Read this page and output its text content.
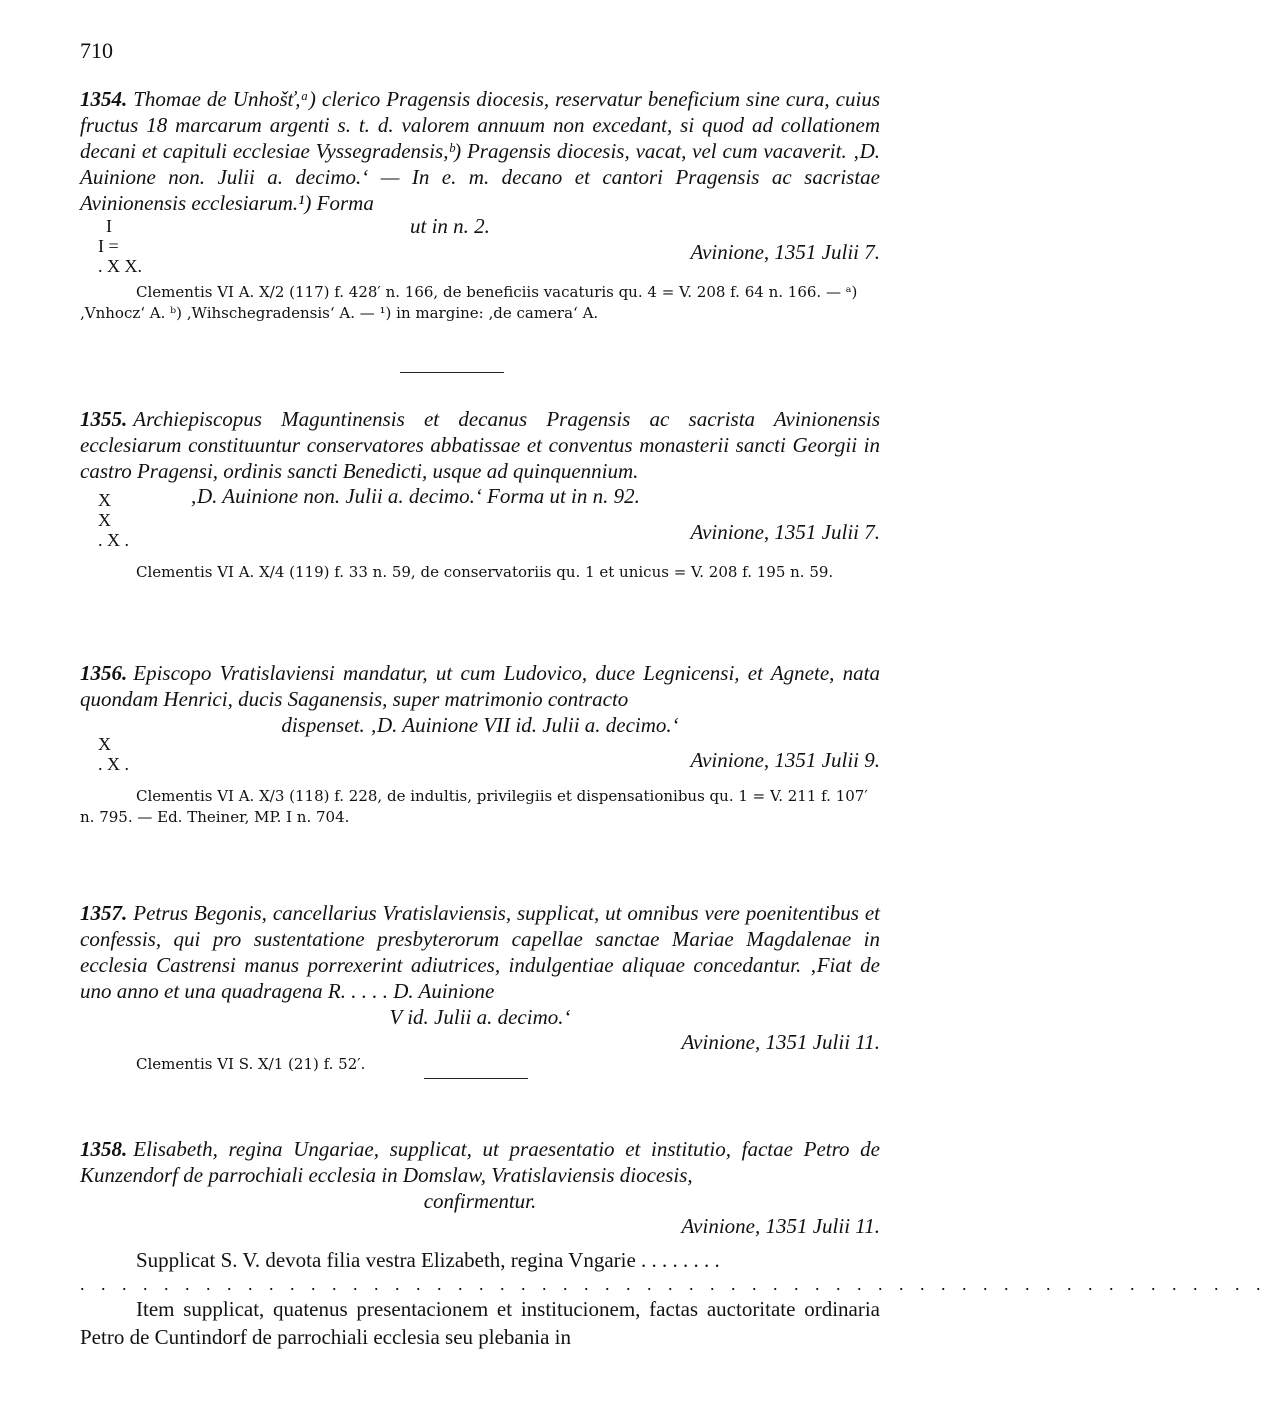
710

1354. Thomae de Unhošť,ᵃ) clerico Pragensis diocesis, reservatur beneficium sine cura, cuius fructus 18 marcarum argenti s. t. d. valorem annuum non excedant, si quod ad collationem decani et capituli ecclesiae Vyssegradensis,ᵇ) Pragensis diocesis, vacat, vel cum vacaverit. ‚D. Auinione non. Julii a. decimo.‘ — In e. m. decano et cantori Pragensis ac sacristae Avinionensis ecclesiarum.¹) Forma

I
I =
. X X.
ut in n. 2.
Avinione, 1351 Julii 7.

Clementis VI A. X/2 (117) f. 428′ n. 166, de beneficiis vacaturis qu. 4 = V. 208 f. 64 n. 166. — ᵃ) ‚Vnhocz‘ A. ᵇ) ‚Wihschegradensis‘ A. — ¹) in margine: ‚de camera‘ A.

1355. Archiepiscopus Maguntinensis et decanus Pragensis ac sacrista Avinionensis ecclesiarum constituuntur conservatores abbatissae et conventus monasterii sancti Georgii in castro Pragensi, ordinis sancti Benedicti, usque ad quinquennium.

X
X
. X .
‚D. Auinione non. Julii a. decimo.‘ Forma ut in n. 92.
Avinione, 1351 Julii 7.

Clementis VI A. X/4 (119) f. 33 n. 59, de conservatoriis qu. 1 et unicus = V. 208 f. 195 n. 59.

1356. Episcopo Vratislaviensi mandatur, ut cum Ludovico, duce Legnicensi, et Agnete, nata quondam Henrici, ducis Saganensis, super matrimonio contracto

dispenset. ‚D. Auinione VII id. Julii a. decimo.‘
X
. X .	Avinione, 1351 Julii 9.

Clementis VI A. X/3 (118) f. 228, de indultis, privilegiis et dispensationibus qu. 1 = V. 211 f. 107′ n. 795. — Ed. Theiner, MP. I n. 704.

1357. Petrus Begonis, cancellarius Vratislaviensis, supplicat, ut omnibus vere poenitentibus et confessis, qui pro sustentatione presbyterorum capellae sanctae Mariae Magdalenae in ecclesia Castrensi manus porrexerint adiutrices, indulgentiae aliquae concedantur. ‚Fiat de uno anno et una quadragena R. . . . . D. Auinione

V id. Julii a. decimo.‘
Avinione, 1351 Julii 11.
Clementis VI S. X/1 (21) f. 52′.

1358. Elisabeth, regina Ungariae, supplicat, ut praesentatio et institutio, factae Petro de Kunzendorf de parrochiali ecclesia in Domslaw, Vratislaviensis diocesis,

confirmentur.
Avinione, 1351 Julii 11.

Supplicat S. V. devota filia vestra Elizabeth, regina Vngarie . . . . . . . .

. . . . . . . . . . . . . . . . . . . . . . . . . . . . . . . . . . . . . . . . . . . . . . . . . . . . . . . . .

Item supplicat, quatenus presentacionem et institucionem, factas auctoritate ordinaria Petro de Cuntindorf de parrochiali ecclesia seu plebania in
